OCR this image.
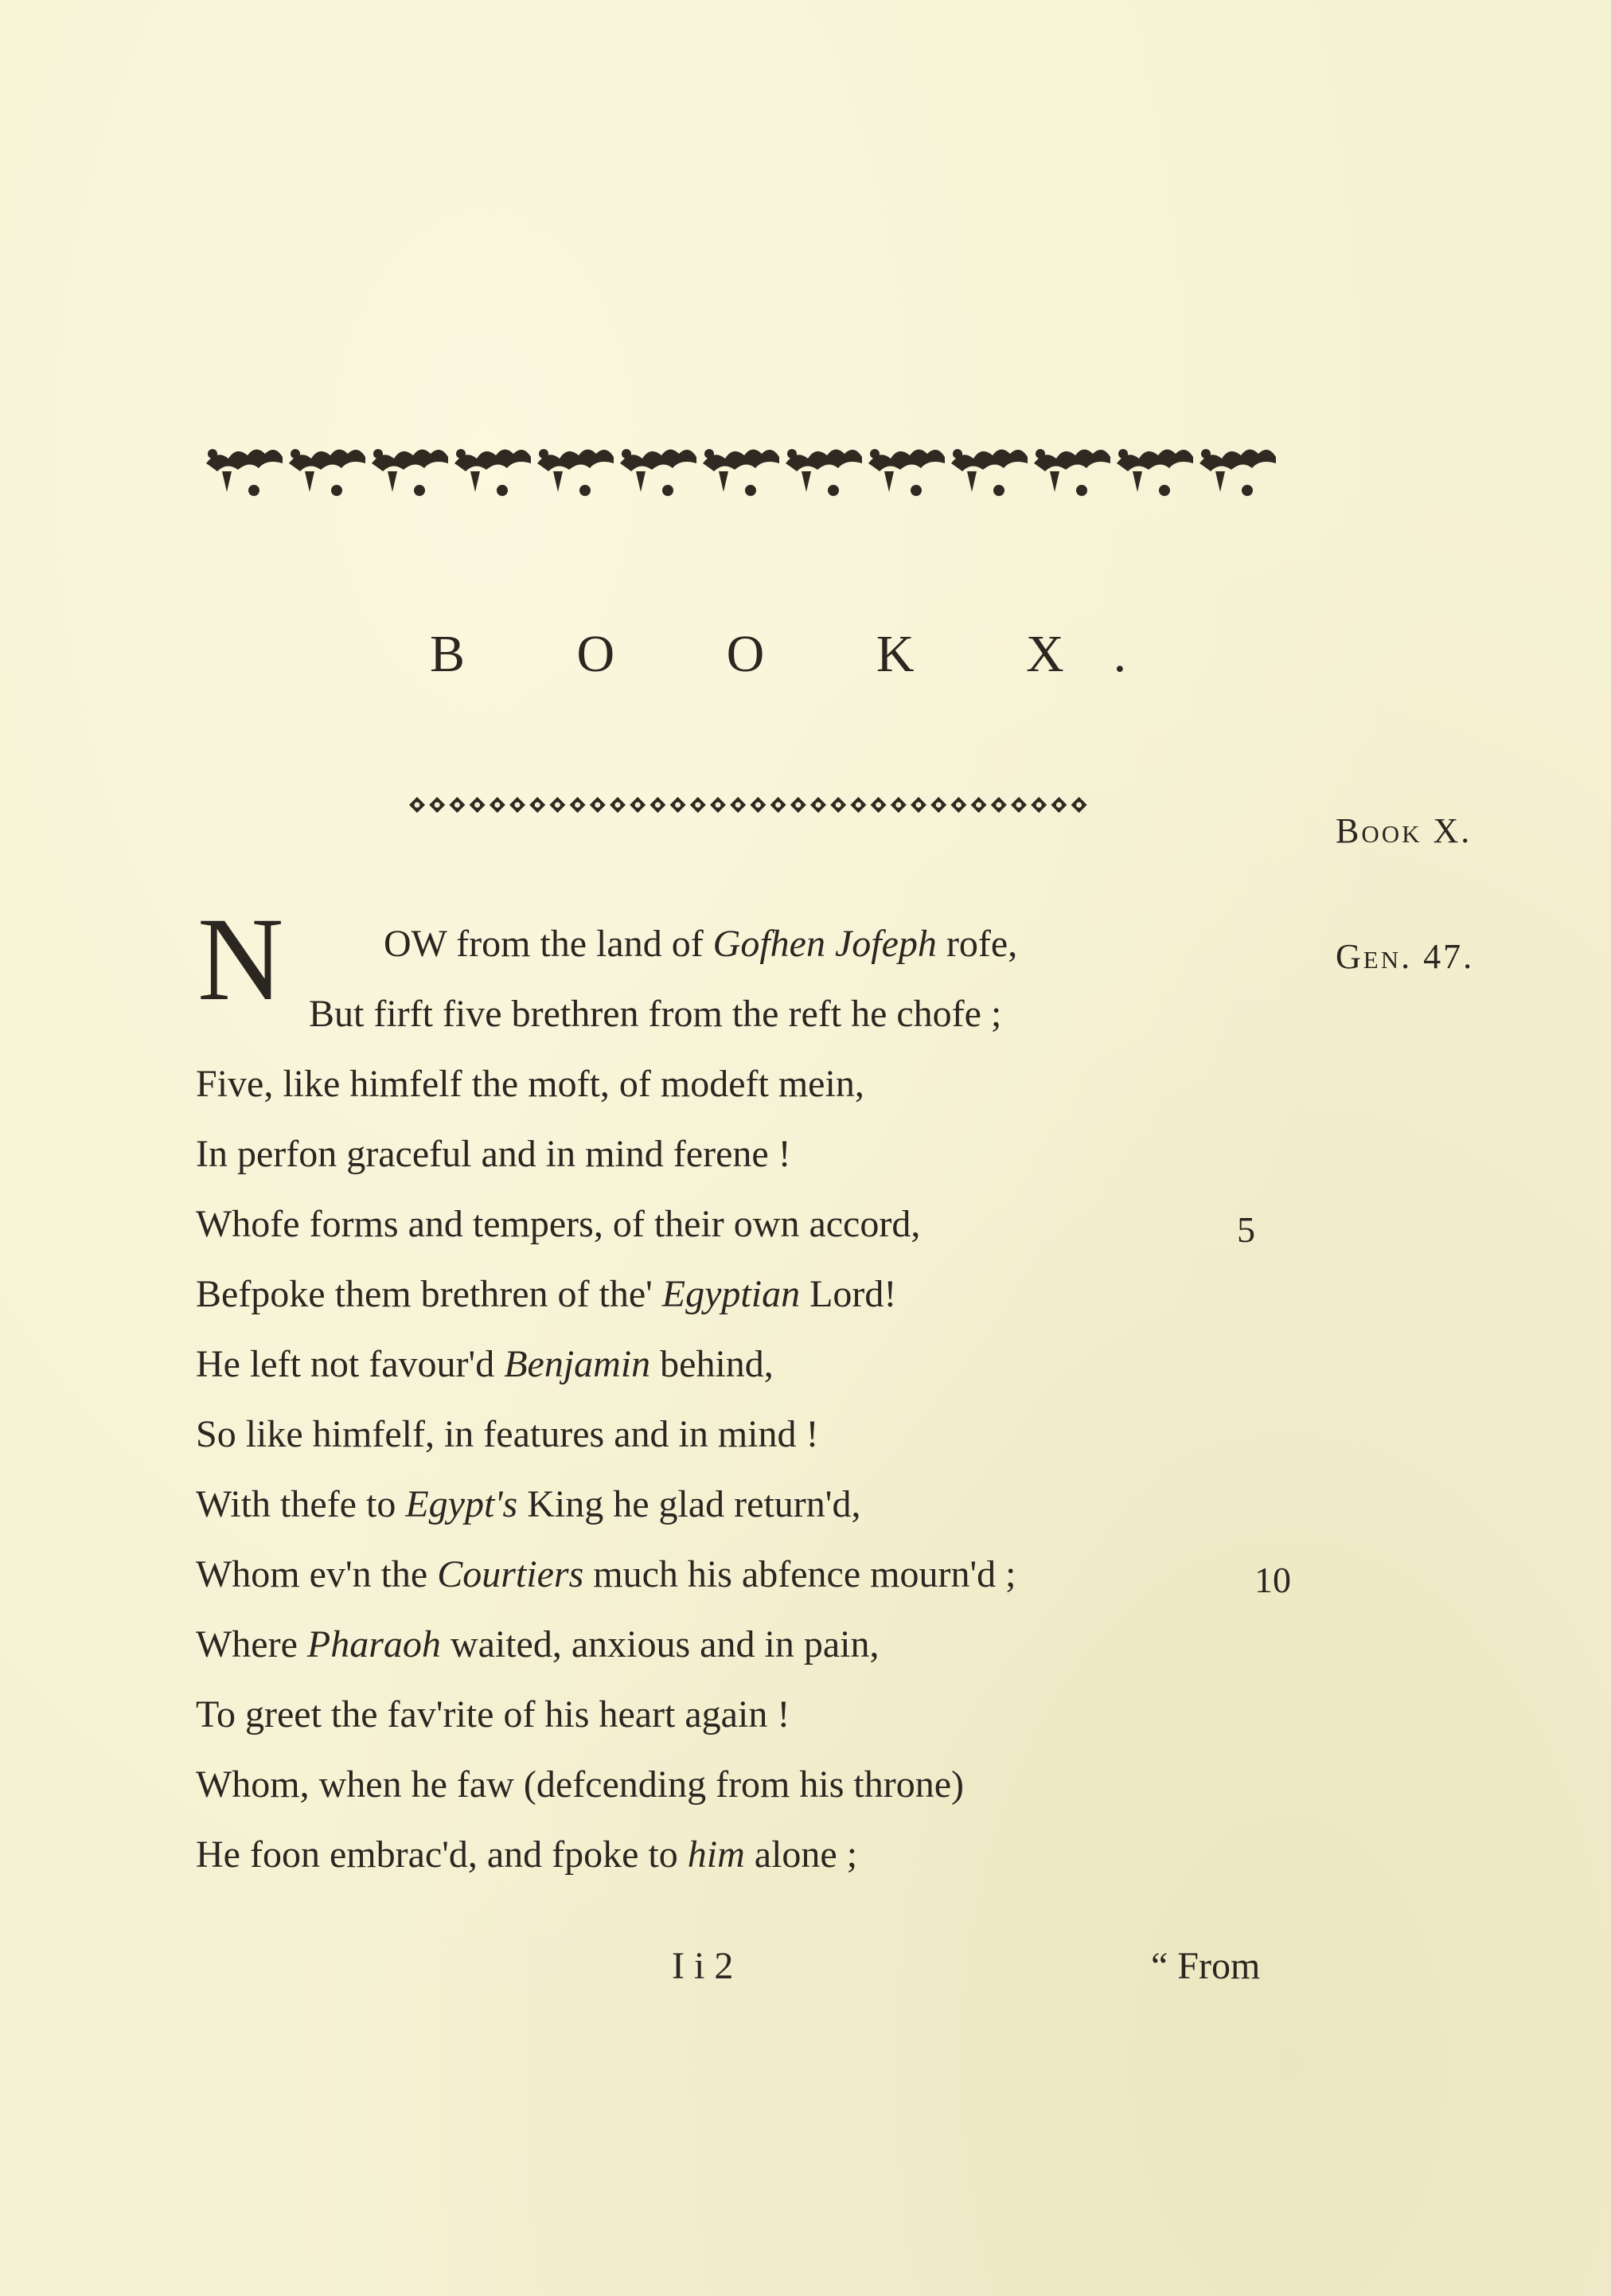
B O O K X.
Book X.
Gen. 47.
N	OW from the land of Gofhen Jofeph rofe,
But firft five brethren from the reft he chofe ;
Five, like himfelf the moft, of modeft mein,
In perfon graceful and in mind ferene !
Whofe forms and tempers, of their own accord,	5
Befpoke them brethren of the' Egyptian Lord!
He left not favour'd Benjamin behind,
So like himfelf, in features and in mind !
With thefe to Egypt's King he glad return'd,
Whom ev'n the Courtiers much his abfence mourn'd ;	10
Where Pharaoh waited, anxious and in pain,
To greet the fav'rite of his heart again !
Whom, when he faw (defcending from his throne)
He foon embrac'd, and fpoke to him alone ;
I i 2	“ From
